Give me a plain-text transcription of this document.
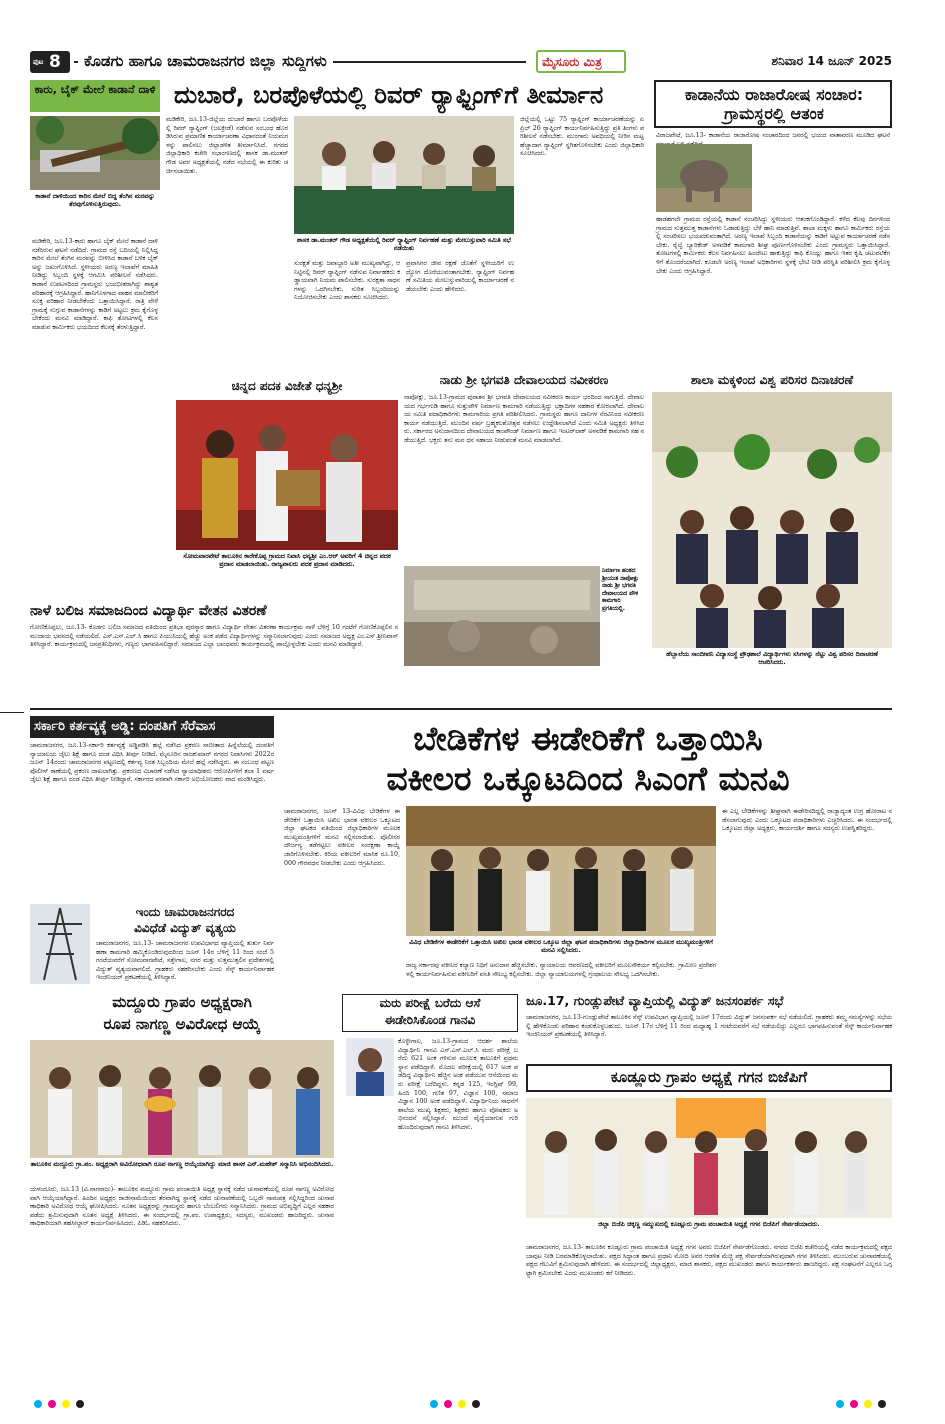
ಪುಟ 8	ಕೊಡಗು ಹಾಗೂ ಚಾಮರಾಜನಗರ ಜಿಲ್ಲಾ ಸುದ್ದಿಗಳು	ಮೈಸೂರು ಮಿತ್ರ	ಶನಿವಾರ 14 ಜೂನ್ 2025
ಕಾರು, ಬೈಕ್ ಮೇಲೆ ಕಾಡಾನೆ ದಾಳಿ
ಕಾಡಾನೆ ದಾಳಿಯಿಂದ ಕಾರಿನ ಮೇಲೆ ಬಿದ್ದ ತೆಂಗಿನ ಮರವನ್ನು ತೆರವುಗೊಳಿಸುತ್ತಿರುವುದು.
ಮಡಿಕೇರಿ, ಜೂ.13-ಕಾರು ಹಾಗೂ ಬೈಕ್ ಮೇಲೆ ಕಾಡಾನೆ ದಾಳಿ ನಡೆಸಿರುವ ಘಟನೆ ನಡೆದಿದೆ. ಗ್ರಾಮದ ರಸ್ತೆ ಬದಿಯಲ್ಲಿ ನಿಲ್ಲಿಸಿದ್ದ ಕಾರಿನ ಮೇಲೆ ತೆಂಗಿನ ಮರವನ್ನು ಬೀಳಿಸಿದ ಕಾಡಾನೆ ಬಳಿಕ ಬೈಕ್ ಅನ್ನು ಜಖಂಗೊಳಿಸಿದೆ. ಸ್ಥಳೀಯರು ಅರಣ್ಯ ಇಲಾಖೆಗೆ ಮಾಹಿತಿ ನೀಡಿದ್ದು ಸಿಬ್ಬಂದಿ ಸ್ಥಳಕ್ಕೆ ಆಗಮಿಸಿ ಪರಿಶೀಲನೆ ನಡೆಸಿದರು. ಕಾಡಾನೆ ಉಪಟಳದಿಂದ ಗ್ರಾಮಸ್ಥರು ಭಯಭೀತರಾಗಿದ್ದು ಶಾಶ್ವತ ಪರಿಹಾರಕ್ಕೆ ಆಗ್ರಹಿಸಿದ್ದಾರೆ. ಹಾನಿಗೊಳಗಾದ ವಾಹನ ಮಾಲೀಕರಿಗೆ ಸೂಕ್ತ ಪರಿಹಾರ ನೀಡಬೇಕೆಂದು ಒತ್ತಾಯಿಸಿದ್ದಾರೆ. ರಾತ್ರಿ ವೇಳೆ ಗ್ರಾಮಕ್ಕೆ ನುಗ್ಗುವ ಕಾಡಾನೆಗಳನ್ನು ಕಾಡಿಗೆ ಅಟ್ಟಲು ಕ್ರಮ ಕೈಗೊಳ್ಳಬೇಕೆಂದು ಮನವಿ ಮಾಡಿದ್ದಾರೆ. ಕಾಫಿ ತೋಟಗಳಲ್ಲಿ ಕೆಲಸ ಮಾಡುವ ಕಾರ್ಮಿಕರು ಭಯದಿಂದ ಕೆಲಸಕ್ಕೆ ತೆರಳುತ್ತಿದ್ದಾರೆ.
ದುಬಾರೆ, ಬರಪೊಳೆಯಲ್ಲಿ ರಿವರ್ ರ್‍ಯಾಫ್ಟಿಂಗ್‌ಗೆ ತೀರ್ಮಾನ
ಮಡಿಕೇರಿ, ಜೂ.13-ಜಿಲ್ಲೆಯ ದುಬಾರೆ ಹಾಗೂ ಬರಪೊಳೆಯಲ್ಲಿ ರಿವರ್ ರ್‍ಯಾಫ್ಟಿಂಗ್ (ಜಲಕ್ರೀಡೆ) ನಡೆಸುವ ಸಂಬಂಧ ಹೊರಡಿಸಿರುವ ಪ್ರಮಾಣಿತ ಕಾರ್ಯಾಚರಣಾ ವಿಧಾನದಂತೆ ನಿಯಮಗಳನ್ನು ಪಾಲಿಸಲು ಜಿಲ್ಲಾಡಳಿತ ತೀರ್ಮಾನಿಸಿದೆ. ನಗರದ ಜಿಲ್ಲಾಧಿಕಾರಿ ಕಚೇರಿ ಸಭಾಂಗಣದಲ್ಲಿ ಶಾಸಕ ಡಾ.ಮಂತರ್ ಗೌಡ ಅವರ ಅಧ್ಯಕ್ಷತೆಯಲ್ಲಿ ನಡೆದ ಸಭೆಯಲ್ಲಿ ಈ ಕುರಿತು ಚರ್ಚಿಸಲಾಯಿತು.
ಶಾಸಕ ಡಾ.ಮಂತರ್ ಗೌಡ ಅಧ್ಯಕ್ಷತೆಯಲ್ಲಿ ರಿವರ್ ರ್‍ಯಾಫ್ಟಿಂಗ್ ನಿರ್ವಹಣೆ ಮತ್ತು ಮೇಲುಸ್ತುವಾರಿ ಸಮಿತಿ ಸಭೆ ನಡೆಯಿತು
ಸುರಕ್ಷತೆ ಮತ್ತು ಜವಾಬ್ದಾರಿ ಅತೀ ಮುಖ್ಯವಾಗಿದ್ದು, ಆ ನಿಟ್ಟಿನಲ್ಲಿ ರಿವರ್ ರ್‍ಯಾಫ್ಟಿಂಗ್ ನಡೆಸುವ ನಿರ್ವಾಹಕರು ಕಡ್ಡಾಯವಾಗಿ ನಿಯಮ ಪಾಲಿಸಬೇಕು. ಸುರಕ್ಷತಾ ಸಾಧನಗಳನ್ನು ಒದಗಿಸಬೇಕು. ನುರಿತ ಸಿಬ್ಬಂದಿಯನ್ನು ನಿಯೋಜಿಸಬೇಕು ಎಂದು ಶಾಸಕರು ಸೂಚಿಸಿದರು.
ಪ್ರವಾಸಿಗರ ಜೀವ ರಕ್ಷಣೆ ಜೊತೆಗೆ ಸ್ಥಳೀಯರಿಗೆ ಉದ್ಯೋಗ ದೊರೆಯುವಂತಾಗಬೇಕು. ರ್‍ಯಾಫ್ಟಿಂಗ್ ನಿರ್ವಹಣೆ ಸಮಿತಿಯ ಮೇಲುಸ್ತುವಾರಿಯಲ್ಲಿ ಕಾರ್ಯಾಚರಣೆ ನಡೆಯಬೇಕು ಎಂದು ಹೇಳಿದರು.
ಜಿಲ್ಲೆಯಲ್ಲಿ ಒಟ್ಟು 75 ರ್‍ಯಾಫ್ಟಿಂಗ್ ಕಾರ್ಯಾಚರಣೆಯನ್ನು ಏಪ್ರಿಲ್ 26 ರ್‍ಯಾಫ್ಟಿಂಗ್ ಕಾರ್ಯನಿರ್ವಹಿಸುತ್ತಿದ್ದು ಪ್ರತಿ ತಿಂಗಳು ಪರಿಶೀಲನೆ ನಡೆಸಬೇಕು. ಮುಂಗಾರು ಅವಧಿಯಲ್ಲಿ ನೀರಿನ ಮಟ್ಟ ಹೆಚ್ಚಾದಾಗ ರ್‍ಯಾಫ್ಟಿಂಗ್ ಸ್ಥಗಿತಗೊಳಿಸಬೇಕು ಎಂದು ಜಿಲ್ಲಾಧಿಕಾರಿ ಸೂಚಿಸಿದರು.
ಕಾಡಾನೆಯ ರಾಜಾರೋಷ ಸಂಚಾರ: ಗ್ರಾಮಸ್ಥರಲ್ಲಿ ಆತಂಕ
ವಿರಾಜಪೇಟೆ, ಜೂ.13- ಕಾಡಾನೆಯ ರಾಜಾರೋಷ ಸಂಚಾರದಿಂದ ಜನರಲ್ಲಿ ಭಯದ ವಾತಾವರಣ ಮೂಡಿದ ಘಟನೆ
ಹಾಡಹಗಲೇ ಗ್ರಾಮದ ರಸ್ತೆಯಲ್ಲಿ ಕಾಡಾನೆ ಸಂಚರಿಸಿದ್ದು ಸ್ಥಳೀಯರು ಆತಂಕಗೊಂಡಿದ್ದಾರೆ. ಕಳೆದ ಕೆಲವು ದಿನಗಳಿಂದ ಗ್ರಾಮದ ಸುತ್ತಮುತ್ತ ಕಾಡಾನೆಗಳು ಓಡಾಡುತ್ತಿದ್ದು ಬೆಳೆ ಹಾನಿ ಮಾಡುತ್ತಿವೆ. ಶಾಲಾ ಮಕ್ಕಳು ಹಾಗೂ ಕಾರ್ಮಿಕರು ರಸ್ತೆಯಲ್ಲಿ ಸಂಚರಿಸಲು ಭಯಪಡುವಂತಾಗಿದೆ. ಅರಣ್ಯ ಇಲಾಖೆ ಸಿಬ್ಬಂದಿ ಕಾಡಾನೆಯನ್ನು ಕಾಡಿಗೆ ಅಟ್ಟುವ ಕಾರ್ಯಾಚರಣೆ ನಡೆಸಬೇಕು. ರೈಲ್ವೆ ಬ್ಯಾರಿಕೇಡ್ ಅಳವಡಿಕೆ ಕಾಮಗಾರಿ ಶೀಘ್ರ ಪೂರ್ಣಗೊಳಿಸಬೇಕು ಎಂದು ಗ್ರಾಮಸ್ಥರು ಒತ್ತಾಯಿಸಿದ್ದಾರೆ. ತೋಟಗಳಲ್ಲಿ ಕಾರ್ಮಿಕರು ಕೆಲಸ ನಿರ್ವಹಿಸಲು ಹಿಂದೇಟು ಹಾಕುತ್ತಿದ್ದು ಕಾಫಿ ಕೊಯ್ಲು ಹಾಗೂ ಇತರ ಕೃಷಿ ಚಟುವಟಿಕೆಗಳಿಗೆ ತೊಂದರೆಯಾಗಿದೆ. ಕೂಡಲೇ ಅರಣ್ಯ ಇಲಾಖೆ ಅಧಿಕಾರಿಗಳು ಸ್ಥಳಕ್ಕೆ ಭೇಟಿ ನೀಡಿ ಪರಿಸ್ಥಿತಿ ಪರಿಶೀಲಿಸಿ ಕ್ರಮ ಕೈಗೊಳ್ಳಬೇಕು ಎಂದು ಆಗ್ರಹಿಸಿದ್ದಾರೆ.
ಚಿನ್ನದ ಪದಕ ವಿಜೇತೆ ಧನ್ಯಶ್ರೀ
ಸೋಮವಾರಪೇಟೆ ತಾಲೂಕಿನ ಕಾರೇಕೊಪ್ಪ ಗ್ರಾಮದ ನಿವಾಸಿ ಧನ್ಯಶ್ರೀ ಎಂ.ಆರ್ ಅವರಿಗೆ 4 ಚಿನ್ನದ ಪದಕ ಪ್ರದಾನ ಮಾಡಲಾಯಿತು. ರಾಜ್ಯಪಾಲರು ಪದಕ ಪ್ರದಾನ ಮಾಡಿದರು.
ನಾಡು ಶ್ರೀ ಭಗವತಿ ದೇವಾಲಯದ ನವೀಕರಣ
ನಾಪೋಕ್ಲು, ಜೂ.13-ಗ್ರಾಮದ ಪುರಾತನ ಶ್ರೀ ಭಗವತಿ ದೇವಾಲಯದ ನವೀಕರಣ ಕಾರ್ಯ ಭರದಿಂದ ಸಾಗುತ್ತಿದೆ. ದೇವಾಲಯದ ಗರ್ಭಗುಡಿ ಹಾಗೂ ಸುತ್ತುಪೌಳಿ ನಿರ್ಮಾಣ ಕಾಮಗಾರಿ ನಡೆಯುತ್ತಿದ್ದು ಭಕ್ತಾದಿಗಳ ಸಹಕಾರ ಕೋರಲಾಗಿದೆ. ದೇವಾಲಯ ಸಮಿತಿ ಪದಾಧಿಕಾರಿಗಳು ಕಾಮಗಾರಿಯ ಪ್ರಗತಿ ಪರಿಶೀಲಿಸಿದರು. ಗ್ರಾಮಸ್ಥರು ಹಾಗೂ ದಾನಿಗಳ ನೆರವಿನಿಂದ ನವೀಕರಣ ಕಾರ್ಯ ನಡೆಯುತ್ತಿದೆ. ಮುಂದಿನ ವರ್ಷ ಬ್ರಹ್ಮಕಲಶೋತ್ಸವ ನಡೆಸಲು ಉದ್ದೇಶಿಸಲಾಗಿದೆ ಎಂದು ಸಮಿತಿ ಅಧ್ಯಕ್ಷರು ತಿಳಿಸಿದರು. ಸರ್ಕಾರದ ಅನುದಾನದಿಂದ ದೇವಾಲಯದ ಕಾಂಪೌಂಡ್ ನಿರ್ಮಾಣ ಹಾಗೂ ಇಂಟರ್‌ಲಾಕ್ ಅಳವಡಿಕೆ ಕಾಮಗಾರಿ ಸಹ ನಡೆಯುತ್ತಿದೆ. ಭಕ್ತರು ತನು ಮನ ಧನ ಸಹಾಯ ನೀಡುವಂತೆ ಮನವಿ ಮಾಡಲಾಗಿದೆ.
ನಿರ್ಮಾಣ ಹಂತದ ಶ್ರೀಯುತ ನಾಪೋಕ್ಲು ನಾಡು ಶ್ರೀ ಭಗವತಿ ದೇವಾಲಯದ ಪೌಳಿ ಕಾಮಗಾರಿ ಪ್ರಗತಿಯಲ್ಲಿ.
ಶಾಲಾ ಮಕ್ಕಳಿಂದ ವಿಶ್ವ ಪರಿಸರ ದಿನಾಚರಣೆ
ಹೆಬ್ಬಾಲೆಯ ಸಾಂದೀಪನಿ ವಿದ್ಯಾಸಂಸ್ಥೆ ಪ್ರೌಢಶಾಲೆ ವಿದ್ಯಾರ್ಥಿಗಳು ಸಸಿಗಳನ್ನು ನೆಟ್ಟು ವಿಶ್ವ ಪರಿಸರ ದಿನಾಚರಣೆ ಆಚರಿಸಿದರು.
ನಾಳೆ ಬಲಿಜ ಸಮಾಜದಿಂದ ವಿದ್ಯಾರ್ಥಿ ವೇತನ ವಿತರಣೆ
ಗೋಣಿಕೊಪ್ಪಲು, ಜೂ.13- ಕೊಡಗು ಬಲಿಜ ಸಮಾಜದ ವತಿಯಿಂದ ಪ್ರತಿಭಾ ಪುರಸ್ಕಾರ ಹಾಗೂ ವಿದ್ಯಾರ್ಥಿ ವೇತನ ವಿತರಣಾ ಕಾರ್ಯಕ್ರಮ ನಾಳೆ ಬೆಳಿಗ್ಗೆ 10 ಗಂಟೆಗೆ ಗೋಣಿಕೊಪ್ಪಲಿನ ಸಮುದಾಯ ಭವನದಲ್ಲಿ ನಡೆಯಲಿದೆ. ಎಸ್.ಎಸ್.ಎಲ್.ಸಿ ಹಾಗೂ ಪಿಯುಸಿಯಲ್ಲಿ ಹೆಚ್ಚು ಅಂಕ ಪಡೆದ ವಿದ್ಯಾರ್ಥಿಗಳನ್ನು ಸನ್ಮಾನಿಸಲಾಗುವುದು ಎಂದು ಸಮಾಜದ ಅಧ್ಯಕ್ಷ ಎಂ.ಎಸ್.ಶ್ರೀನಿವಾಸ್ ತಿಳಿಸಿದ್ದಾರೆ. ಕಾರ್ಯಕ್ರಮದಲ್ಲಿ ಜನಪ್ರತಿನಿಧಿಗಳು, ಗಣ್ಯರು ಭಾಗವಹಿಸಲಿದ್ದಾರೆ. ಸಮಾಜದ ಎಲ್ಲಾ ಬಾಂಧವರು ಕಾರ್ಯಕ್ರಮದಲ್ಲಿ ಪಾಲ್ಗೊಳ್ಳಬೇಕು ಎಂದು ಮನವಿ ಮಾಡಿದ್ದಾರೆ.
ಸರ್ಕಾರಿ ಕರ್ತವ್ಯಕ್ಕೆ ಅಡ್ಡಿ: ದಂಪತಿಗೆ ಸೆರೆವಾಸ
ಚಾಮರಾಜನಗರ, ಜೂ.13-ಸರ್ಕಾರಿ ಕರ್ತವ್ಯಕ್ಕೆ ಅಡ್ಡಿಪಡಿಸಿ ಹಲ್ಲೆ ನಡೆಸಿದ ಪ್ರಕರಣ ಸಾಬೀತಾದ ಹಿನ್ನೆಲೆಯಲ್ಲಿ ದಂಪತಿಗೆ ನ್ಯಾಯಾಲಯ ಜೈಲು ಶಿಕ್ಷೆ ಹಾಗೂ ದಂಡ ವಿಧಿಸಿ ತೀರ್ಪು ನೀಡಿದೆ. ಮೈಸೂರಿನ ರಾಜಕುಮಾರ್ ನಗರದ ನಿವಾಸಿಗಳು 2022ರ ಜೂನ್ 14ರಂದು ಚಾಮರಾಜನಗರ ಪಟ್ಟಣದಲ್ಲಿ ಕರ್ತವ್ಯ ನಿರತ ಸಿಬ್ಬಂದಿಯ ಮೇಲೆ ಹಲ್ಲೆ ನಡೆಸಿದ್ದರು. ಈ ಸಂಬಂಧ ಪಟ್ಟಣ ಪೊಲೀಸ್ ಠಾಣೆಯಲ್ಲಿ ಪ್ರಕರಣ ದಾಖಲಾಗಿತ್ತು. ಪ್ರಕರಣದ ವಿಚಾರಣೆ ನಡೆಸಿದ ನ್ಯಾಯಾಧೀಶರು ಆರೋಪಿಗಳಿಗೆ ತಲಾ 1 ವರ್ಷ ಜೈಲು ಶಿಕ್ಷೆ ಹಾಗೂ ದಂಡ ವಿಧಿಸಿ ತೀರ್ಪು ನೀಡಿದ್ದಾರೆ. ಸರ್ಕಾರದ ಪರವಾಗಿ ಸರ್ಕಾರಿ ಅಭಿಯೋಜಕರು ವಾದ ಮಂಡಿಸಿದ್ದರು.
ಬೇಡಿಕೆಗಳ ಈಡೇರಿಕೆಗೆ ಒತ್ತಾಯಿಸಿ
ವಕೀಲರ ಒಕ್ಕೂಟದಿಂದ ಸಿಎಂಗೆ ಮನವಿ
ಚಾಮರಾಜನಗರ, ಜೂನ್ 13-ವಿವಿಧ ಬೇಡಿಕೆಗಳ ಈಡೇರಿಕೆಗೆ ಒತ್ತಾಯಿಸಿ ಅಖಿಲ ಭಾರತ ವಕೀಲರ ಒಕ್ಕೂಟದ ಜಿಲ್ಲಾ ಘಟಕದ ವತಿಯಿಂದ ಜಿಲ್ಲಾಧಿಕಾರಿಗಳ ಮೂಲಕ ಮುಖ್ಯಮಂತ್ರಿಗಳಿಗೆ ಮನವಿ ಸಲ್ಲಿಸಲಾಯಿತು. ಪೊಲೀಸರ ದೌರ್ಜನ್ಯ ತಡೆಗಟ್ಟಲು ವಕೀಲರ ಸಂರಕ್ಷಣಾ ಕಾಯ್ದೆ ಜಾರಿಗೊಳಿಸಬೇಕು. ಕಿರಿಯ ವಕೀಲರಿಗೆ ಮಾಸಿಕ ರೂ.10,000 ಗೌರವಧನ ನೀಡಬೇಕು ಎಂದು ಆಗ್ರಹಿಸಿದರು.
ವಿವಿಧ ಬೇಡಿಕೆಗಳ ಈಡೇರಿಕೆಗೆ ಒತ್ತಾಯಿಸಿ ಅಖಿಲ ಭಾರತ ವಕೀಲರ ಒಕ್ಕೂಟ ಜಿಲ್ಲಾ ಘಟಕ ಪದಾಧಿಕಾರಿಗಳು ಜಿಲ್ಲಾಧಿಕಾರಿಗಳ ಮೂಲಕ ಮುಖ್ಯಮಂತ್ರಿಗಳಿಗೆ ಮನವಿ ಸಲ್ಲಿಸಿದರು.
ರಾಜ್ಯ ಸರ್ಕಾರವು ವಕೀಲರ ಕಲ್ಯಾಣ ನಿಧಿಗೆ ಅನುದಾನ ಹೆಚ್ಚಿಸಬೇಕು. ನ್ಯಾಯಾಲಯ ಆವರಣದಲ್ಲಿ ವಕೀಲರಿಗೆ ಮೂಲಸೌಕರ್ಯ ಕಲ್ಪಿಸಬೇಕು. ಗ್ರಾಮೀಣ ಪ್ರದೇಶಗಳಲ್ಲಿ ಕಾರ್ಯನಿರ್ವಹಿಸುವ ವಕೀಲರಿಗೆ ವಸತಿ ಸೌಲಭ್ಯ ಕಲ್ಪಿಸಬೇಕು. ಜಿಲ್ಲಾ ನ್ಯಾಯಾಲಯಗಳಲ್ಲಿ ಗ್ರಂಥಾಲಯ ಸೌಲಭ್ಯ ಒದಗಿಸಬೇಕು.
ಈ ಎಲ್ಲ ಬೇಡಿಕೆಗಳನ್ನು ಶೀಘ್ರವಾಗಿ ಈಡೇರಿಸದಿದ್ದಲ್ಲಿ ರಾಜ್ಯಾದ್ಯಂತ ಉಗ್ರ ಹೋರಾಟ ನಡೆಸಲಾಗುವುದು ಎಂದು ಒಕ್ಕೂಟದ ಪದಾಧಿಕಾರಿಗಳು ಎಚ್ಚರಿಸಿದರು. ಈ ಸಂದರ್ಭದಲ್ಲಿ ಒಕ್ಕೂಟದ ಜಿಲ್ಲಾ ಅಧ್ಯಕ್ಷರು, ಕಾರ್ಯದರ್ಶಿ ಹಾಗೂ ಸದಸ್ಯರು ಉಪಸ್ಥಿತರಿದ್ದರು.
ಇಂದು ಚಾಮರಾಜನಗರದ
ವಿವಿಧೆಡೆ ವಿದ್ಯುತ್ ವ್ಯತ್ಯಯ
ಚಾಮರಾಜನಗರ, ಜೂ.13- ಚಾಮರಾಜನಗರ ಉಪವಿಭಾಗದ ವ್ಯಾಪ್ತಿಯಲ್ಲಿ ತುರ್ತು ನಿರ್ವಹಣಾ ಕಾಮಗಾರಿ ಹಮ್ಮಿಕೊಂಡಿರುವುದರಿಂದ ಜೂನ್ 14ರ ಬೆಳಿಗ್ಗೆ 11 ರಿಂದ ಸಂಜೆ 5 ಗಂಟೆಯವರೆಗೆ ಸೋಮವಾರಪೇಟೆ, ಸತ್ತೇಗಾಲ, ನಗರ ಮತ್ತು ಸುತ್ತಮುತ್ತಲಿನ ಪ್ರದೇಶಗಳಲ್ಲಿ ವಿದ್ಯುತ್ ವ್ಯತ್ಯಯವಾಗಲಿದೆ. ಗ್ರಾಹಕರು ಸಹಕರಿಸಬೇಕು ಎಂದು ಸೆಸ್ಕ್ ಕಾರ್ಯನಿರ್ವಾಹಕ ಇಂಜಿನಿಯರ್ ಪ್ರಕಟಣೆಯಲ್ಲಿ ತಿಳಿಸಿದ್ದಾರೆ.
ಮದ್ದೂರು ಗ್ರಾಪಂ ಅಧ್ಯಕ್ಷರಾಗಿ
ರೂಪ ನಾಗಣ್ಣ ಅವಿರೋಧ ಆಯ್ಕೆ
ತಾಲೂಕಿನ ಮದ್ದೂರು ಗ್ರಾ.ಪಂ. ಅಧ್ಯಕ್ಷರಾಗಿ ಅವಿರೋಧವಾಗಿ ರೂಪ ನಾಗಣ್ಣ ಆಯ್ಕೆಯಾಗಿದ್ದು ಮಾಜಿ ಶಾಸಕ ಎನ್.ಮಹೇಶ್ ಸನ್ಮಾನಿಸಿ ಅಭಿನಂದಿಸಿದರು.
ಯಳಂದೂರು, ಜೂ.13 (ವಿ.ನಾಗರಾಜು)- ತಾಲೂಕಿನ ಮದ್ದೂರು ಗ್ರಾಮ ಪಂಚಾಯಿತಿ ಅಧ್ಯಕ್ಷ ಸ್ಥಾನಕ್ಕೆ ನಡೆದ ಚುನಾವಣೆಯಲ್ಲಿ ರೂಪ ನಾಗಣ್ಣ ಅವಿರೋಧವಾಗಿ ಆಯ್ಕೆಯಾಗಿದ್ದಾರೆ. ಹಿಂದಿನ ಅಧ್ಯಕ್ಷರ ರಾಜೀನಾಮೆಯಿಂದ ತೆರವಾಗಿದ್ದ ಸ್ಥಾನಕ್ಕೆ ನಡೆದ ಚುನಾವಣೆಯಲ್ಲಿ ಒಬ್ಬರೇ ನಾಮಪತ್ರ ಸಲ್ಲಿಸಿದ್ದರಿಂದ ಚುನಾವಣಾಧಿಕಾರಿ ಅವಿರೋಧ ಆಯ್ಕೆ ಘೋಷಿಸಿದರು. ನೂತನ ಅಧ್ಯಕ್ಷರನ್ನು ಗ್ರಾಮಸ್ಥರು ಹಾಗೂ ಬೆಂಬಲಿಗರು ಸನ್ಮಾನಿಸಿದರು. ಗ್ರಾಮದ ಅಭಿವೃದ್ಧಿಗೆ ಎಲ್ಲರ ಸಹಕಾರ ಪಡೆದು ಶ್ರಮಿಸುವುದಾಗಿ ನೂತನ ಅಧ್ಯಕ್ಷೆ ತಿಳಿಸಿದರು. ಈ ಸಂದರ್ಭದಲ್ಲಿ ಗ್ರಾ.ಪಂ. ಉಪಾಧ್ಯಕ್ಷರು, ಸದಸ್ಯರು, ಮುಖಂಡರು ಹಾಜರಿದ್ದರು. ಚುನಾವಣಾಧಿಕಾರಿಯಾಗಿ ತಹಸೀಲ್ದಾರ್ ಕಾರ್ಯನಿರ್ವಹಿಸಿದರು. ಪಿಡಿಓ ಸಹಕರಿಸಿದರು.
ಮರು ಪರೀಕ್ಷೆ ಬರೆದು ಆಸೆ
ಈಡೇರಿಸಿಕೊಂಡ ಗಾನವಿ
ಕೊಳ್ಳೇಗಾಲ, ಜೂ.13-ಗ್ರಾಮದ ಆದರ್ಶ ಶಾಲೆಯ ವಿದ್ಯಾರ್ಥಿನಿ ಗಾನವಿ ಎಸ್.ಎಸ್.ಎಲ್.ಸಿ ಮರು ಪರೀಕ್ಷೆ ಬರೆದು 621 ಅಂಕ ಗಳಿಸುವ ಮೂಲಕ ತಾಲೂಕಿಗೆ ಪ್ರಥಮ ಸ್ಥಾನ ಪಡೆದಿದ್ದಾಳೆ. ಮೊದಲ ಪರೀಕ್ಷೆಯಲ್ಲಿ 617 ಅಂಕ ಪಡೆದಿದ್ದ ವಿದ್ಯಾರ್ಥಿನಿ ಹೆಚ್ಚಿನ ಅಂಕ ಪಡೆಯುವ ಆಸೆಯಿಂದ ಮರು ಪರೀಕ್ಷೆ ಬರೆದಿದ್ದಳು. ಕನ್ನಡ 125, ಇಂಗ್ಲಿಷ್ 99, ಹಿಂದಿ 100, ಗಣಿತ 97, ವಿಜ್ಞಾನ 100, ಸಮಾಜ ವಿಜ್ಞಾನ 100 ಅಂಕ ಪಡೆದಿದ್ದಾಳೆ. ವಿದ್ಯಾರ್ಥಿನಿಯ ಸಾಧನೆಗೆ ಶಾಲೆಯ ಮುಖ್ಯ ಶಿಕ್ಷಕರು, ಶಿಕ್ಷಕರು ಹಾಗೂ ಪೋಷಕರು ಅಭಿನಂದನೆ ಸಲ್ಲಿಸಿದ್ದಾರೆ. ಮುಂದೆ ವೈದ್ಯೆಯಾಗುವ ಗುರಿ ಹೊಂದಿರುವುದಾಗಿ ಗಾನವಿ ತಿಳಿಸಿದಳು.
ಜೂ.17, ಗುಂಡ್ಲುಪೇಟೆ ವ್ಯಾಪ್ತಿಯಲ್ಲಿ ವಿದ್ಯುತ್ ಜನಸಂಪರ್ಕ ಸಭೆ
ಚಾಮರಾಜನಗರ, ಜೂ.13-ಗುಂಡ್ಲುಪೇಟೆ ತಾಲೂಕಿನ ಸೆಸ್ಕ್ ಉಪವಿಭಾಗ ವ್ಯಾಪ್ತಿಯಲ್ಲಿ ಜೂನ್ 17ರಂದು ವಿದ್ಯುತ್ ಜನಸಂಪರ್ಕ ಸಭೆ ನಡೆಯಲಿದೆ. ಗ್ರಾಹಕರು ತಮ್ಮ ಸಮಸ್ಯೆಗಳನ್ನು ಸಭೆಯಲ್ಲಿ ಹೇಳಿಕೊಂಡು ಪರಿಹಾರ ಕಂಡುಕೊಳ್ಳಬಹುದು. ಜೂನ್ 17ರ ಬೆಳಿಗ್ಗೆ 11 ರಿಂದ ಮಧ್ಯಾಹ್ನ 1 ಗಂಟೆಯವರೆಗೆ ಸಭೆ ನಡೆಯಲಿದ್ದು ಎಲ್ಲರೂ ಭಾಗವಹಿಸುವಂತೆ ಸೆಸ್ಕ್ ಕಾರ್ಯನಿರ್ವಾಹಕ ಇಂಜಿನಿಯರ್ ಪ್ರಕಟಣೆಯಲ್ಲಿ ತಿಳಿಸಿದ್ದಾರೆ.
ಕೂಡ್ಲೂರು ಗ್ರಾಪಂ ಅಧ್ಯಕ್ಷೆ ಗಗನ ಬಿಜೆಪಿಗೆ
ಜಿಲ್ಲಾ ಬಿಜೆಪಿ ಚಿಕ್ಕಣ್ಣ ಸಮ್ಮುಖದಲ್ಲಿ ಕೂಡ್ಲೂರು ಗ್ರಾಮ ಪಂಚಾಯಿತಿ ಅಧ್ಯಕ್ಷೆ ಗಗನ ಬಿಜೆಪಿಗೆ ಸೇರ್ಪಡೆಯಾದರು.
ಚಾಮರಾಜನಗರ, ಜೂ.13- ತಾಲೂಕಿನ ಕೂಡ್ಲೂರು ಗ್ರಾಮ ಪಂಚಾಯಿತಿ ಅಧ್ಯಕ್ಷೆ ಗಗನ ಅವರು ಬಿಜೆಪಿಗೆ ಸೇರ್ಪಡೆಗೊಂಡರು. ನಗರದ ಬಿಜೆಪಿ ಕಚೇರಿಯಲ್ಲಿ ನಡೆದ ಕಾರ್ಯಕ್ರಮದಲ್ಲಿ ಪಕ್ಷದ ಬಾವುಟ ನೀಡಿ ಬರಮಾಡಿಕೊಳ್ಳಲಾಯಿತು. ಪಕ್ಷದ ಸಿದ್ಧಾಂತ ಹಾಗೂ ಪ್ರಧಾನಿ ಮೋದಿ ಅವರ ಆಡಳಿತ ಮೆಚ್ಚಿ ಪಕ್ಷ ಸೇರ್ಪಡೆಯಾಗಿರುವುದಾಗಿ ಗಗನ ತಿಳಿಸಿದರು. ಮುಂಬರುವ ಚುನಾವಣೆಯಲ್ಲಿ ಪಕ್ಷದ ಗೆಲುವಿಗೆ ಶ್ರಮಿಸುವುದಾಗಿ ಹೇಳಿದರು. ಈ ಸಂದರ್ಭದಲ್ಲಿ ಜಿಲ್ಲಾಧ್ಯಕ್ಷರು, ಮಾಜಿ ಶಾಸಕರು, ಪಕ್ಷದ ಮುಖಂಡರು ಹಾಗೂ ಕಾರ್ಯಕರ್ತರು ಹಾಜರಿದ್ದರು. ಪಕ್ಷ ಸಂಘಟನೆಗೆ ಎಲ್ಲರೂ ಒಗ್ಗಟ್ಟಾಗಿ ಶ್ರಮಿಸಬೇಕು ಎಂದು ಮುಖಂಡರು ಕರೆ ನೀಡಿದರು.
